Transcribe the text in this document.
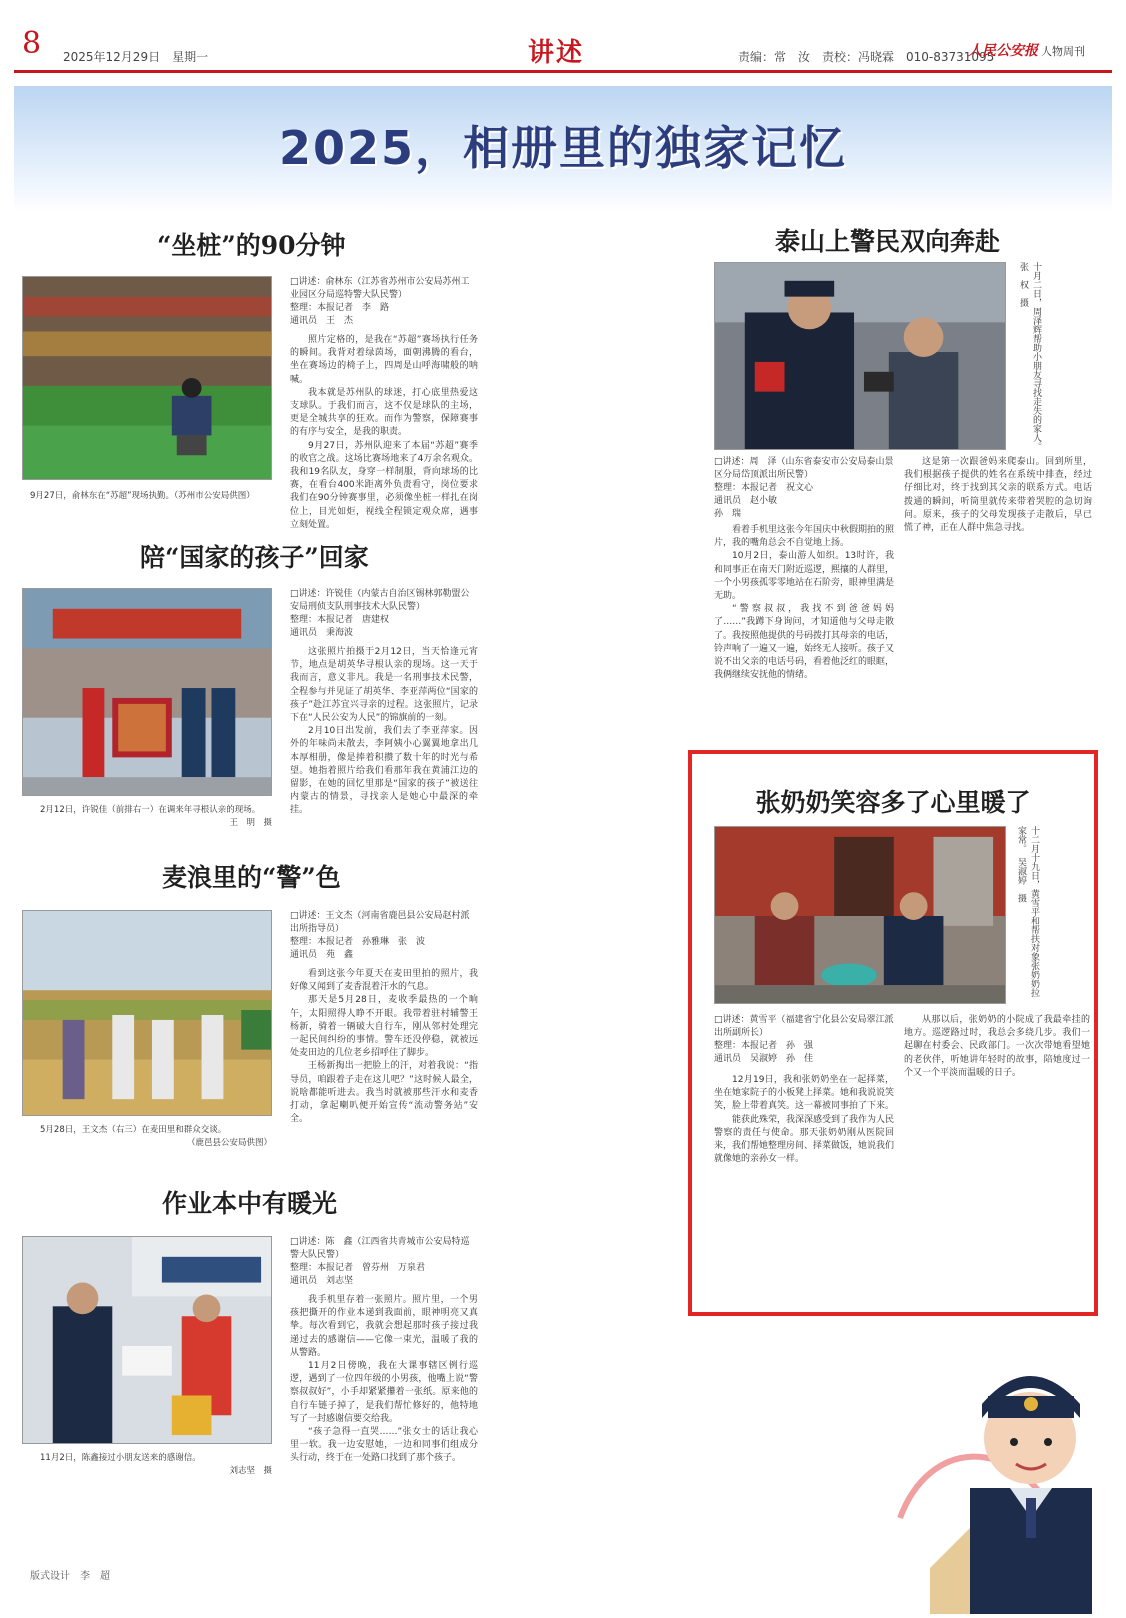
8 2025年12月29日　星期一	讲述	责编：常　汝　责校：冯晓霖　010-83731095
人民公安报 人物周刊
2025，相册里的独家记忆
“坐桩”的90分钟
9月27日，俞林东在“苏超”现场执勤。（苏州市公安局供图）
□讲述：俞林东（江苏省苏州市公安局苏州工业园区分局巡特警大队民警）
整理：本报记者　李　路
通讯员　王　杰

照片定格的，是我在“苏超”赛场执行任务的瞬间。我背对着绿茵场，面朝沸腾的看台，坐在赛场边的椅子上，四周是山呼海啸般的呐喊。

我本就是苏州队的球迷，打心底里热爱这支球队。于我们而言，这不仅是球队的主场，更是全城共享的狂欢。而作为警察，保障赛事的有序与安全，是我的职责。

9月27日，苏州队迎来了本届“苏超”赛季的收官之战。这场比赛场地来了4万余名观众。我和19名队友，身穿一样制服，背向球场的比赛，在看台400米距离外负责看守，岗位要求我们在90分钟赛事里，必须像坐桩一样扎在岗位上，目光如炬，视线全程锁定观众席，遇事立刻处置。

陪“国家的孩子”回家
2月12日，许锐佳（前排右一）在调来年寻根认亲的现场。
王　明　摄
□讲述：许锐佳（内蒙古自治区锡林郭勒盟公安局刑侦支队刑事技术大队民警）
整理：本报记者　唐建权
通讯员　秉海波

这张照片拍摄于2月12日，当天恰逢元宵节，地点是胡英华寻根认亲的现场。这一天于我而言，意义非凡。我是一名刑事技术民警，全程参与并见证了胡英华、李亚萍两位“国家的孩子”赴江苏宜兴寻亲的过程。这张照片，记录下在“人民公安为人民”的锦旗前的一刻。

2月10日出发前，我们去了李亚萍家。因外的年味尚未散去，李阿姨小心翼翼地拿出几本厚相册，像是捧着积攒了数十年的时光与希望。她指着照片给我们看那年我在黄浦江边的留影，在她的回忆里那是“国家的孩子”被送往内蒙古的情景，寻找亲人是她心中最深的牵挂。

麦浪里的“警”色
5月28日，王文杰（右三）在麦田里和群众交谈。
（鹿邑县公安局供图）
□讲述：王文杰（河南省鹿邑县公安局赵村派出所指导员）
整理：本报记者　孙雅琳　张　波
通讯员　苑　鑫

看到这张今年夏天在麦田里拍的照片，我好像又闻到了麦香混着汗水的气息。

那天是5月28日，麦收季最热的一个晌午，太阳照得人睁不开眼。我带着驻村辅警王杨新，骑着一辆破大自行车，刚从邻村处理完一起民间纠纷的事情。警车还没停稳，就被远处麦田边的几位老乡招呼住了脚步。

王杨新掏出一把脸上的汗，对着我说：“指导员，咱跟着子走在这儿吧？”这时候人最全，说啥都能听进去。我当时就被那些汗水和麦香打动，拿起喇叭便开始宣传“流动警务站”安全。

作业本中有暖光
11月2日，陈鑫接过小朋友送来的感谢信。
刘志坚　摄
□讲述：陈　鑫（江西省共青城市公安局特巡警大队民警）
整理：本报记者　曾芬州　万泉君
通讯员　刘志坚

我手机里存着一张照片。照片里，一个男孩把撕开的作业本递到我面前，眼神明亮又真挚。每次看到它，我就会想起那时孩子接过我递过去的感谢信——它像一束光，温暖了我的从警路。

11月2日傍晚，我在大课事辖区例行巡逻，遇到了一位四年级的小男孩，他嘴上说“警察叔叔好”，小手却紧紧攥着一张纸。原来他的自行车链子掉了，是我们帮忙修好的，他特地写了一封感谢信要交给我。

“孩子急得一直哭……”张女士的话让我心里一软。我一边安慰她，一边和同事们组成分头行动，终于在一处路口找到了那个孩子。

泰山上警民双向奔赴
十月二日，周泽辉帮助小朋友寻找走失的家人。　张　权　摄
□讲述：周　泽（山东省泰安市公安局泰山景区分局岱顶派出所民警）
整理：本报记者　祝文心
通讯员　赵小敏
孙　瑞

看着手机里这张今年国庆中秋假期拍的照片，我的嘴角总会不自觉地上扬。

10月2日，泰山游人如织。13时许，我和同事正在南天门附近巡逻，熙攘的人群里，一个小男孩孤零零地站在石阶旁，眼神里满是无助。

“警察叔叔，我找不到爸爸妈妈了……”我蹲下身询问，才知道他与父母走散了。我按照他提供的号码拨打其母亲的电话，铃声响了一遍又一遍，始终无人接听。孩子又说不出父亲的电话号码，看着他泛红的眼眶，我俩继续安抚他的情绪。

这是第一次跟爸妈来爬泰山。回到所里，我们根据孩子提供的姓名在系统中排查，经过仔细比对，终于找到其父亲的联系方式。电话拨通的瞬间，听筒里就传来带着哭腔的急切询问。原来，孩子的父母发现孩子走散后，早已慌了神，正在人群中焦急寻找。

张奶奶笑容多了心里暖了
十二月十九日，黄雪平和帮扶对象张奶奶拉家常。　吴淑婷　摄
□讲述：黄雪平（福建省宁化县公安局翠江派出所副所长）
整理：本报记者　孙　强
通讯员　吴淑婷　孙　佳

12月19日，我和张奶奶坐在一起择菜，坐在她家院子的小板凳上择菜。她和我说说笑笑，脸上带着真笑。这一幕被同事拍了下来。

能获此殊荣，我深深感受到了我作为人民警察的责任与使命。那天张奶奶刚从医院回来，我们帮她整理房间、择菜做饭，她说我们就像她的亲孙女一样。

从那以后，张奶奶的小院成了我最牵挂的地方。巡逻路过时，我总会多绕几步。我们一起聊在村委会、民政部门。一次次带她看望她的老伙伴，听她讲年轻时的故事，陪她度过一个又一个平淡而温暖的日子。

版式设计　李　超
